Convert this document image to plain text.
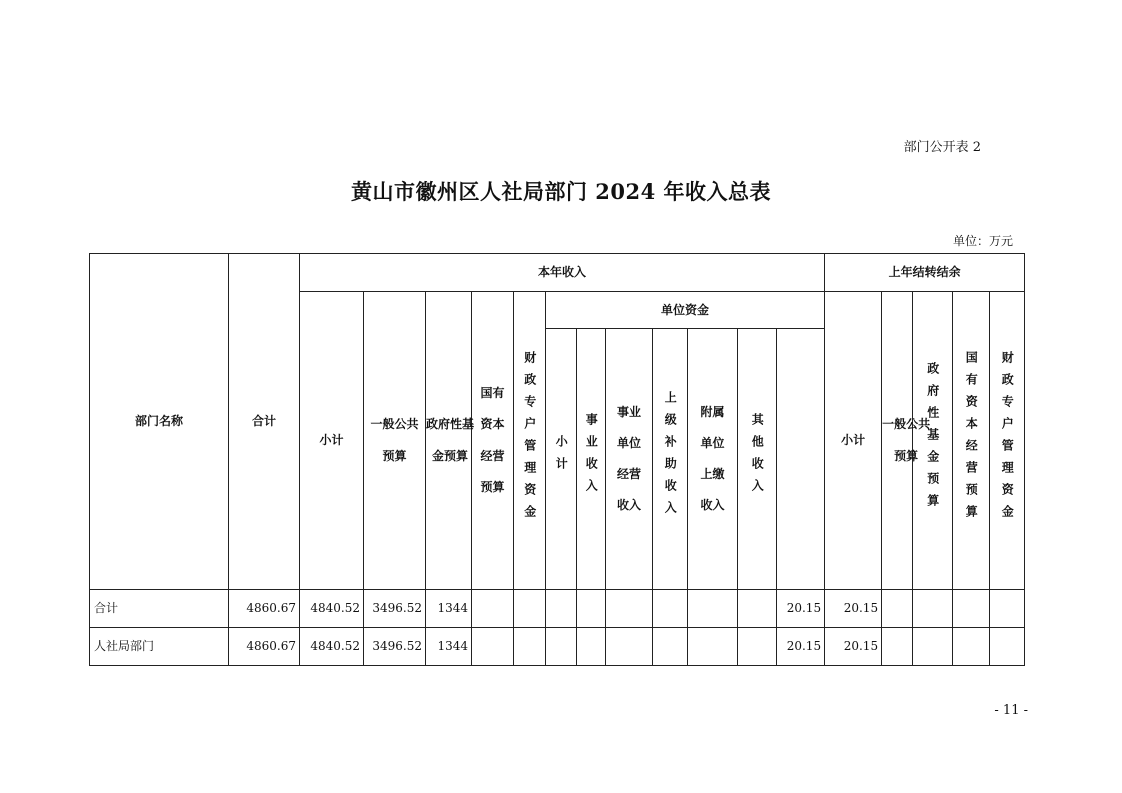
部门公开表 2
黄山市徽州区人社局部门 2024 年收入总表
单位：万元
部门名称	合计	本年收入												上年结转结余					
		小计	一般公共预算	政府性基金预算	国有资本经营预算	财政专户管理资金	单位资金							小计	一般公共预算	政府性基金预算	国有资本经营预算	财政专户管理资金	
							小计	事业收入	事业单位经营收入	上级补助收入	附属单位上缴收入	其他收入							
合计	4860.67	4840.52	3496.52	1344									20.15	20.15					
人社局部门	4860.67	4840.52	3496.52	1344									20.15	20.15					
- 11 -
